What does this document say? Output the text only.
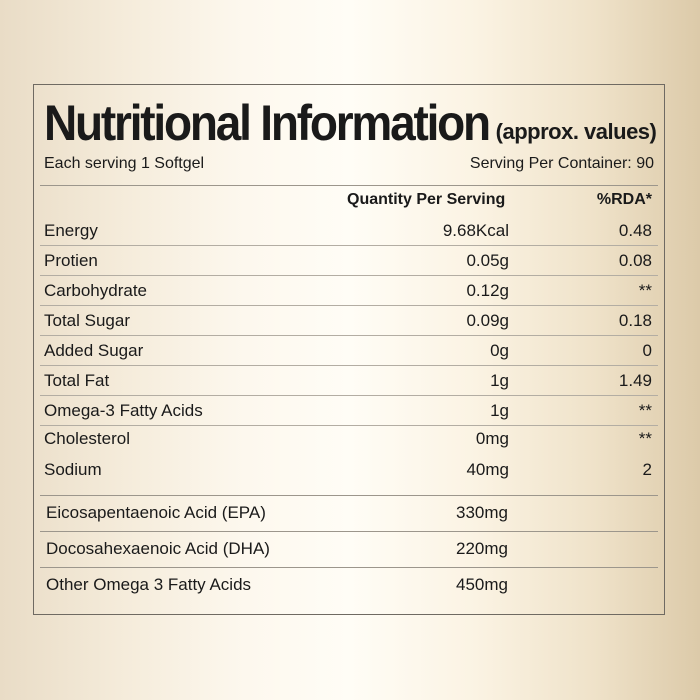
Nutritional Information (approx. values)
Each serving 1 Softgel	Serving Per Container: 90
Quantity Per Serving	%RDA*
Energy	9.68Kcal	0.48
Protien	0.05g	0.08
Carbohydrate	0.12g	**
Total Sugar	0.09g	0.18
Added Sugar	0g	0
Total Fat	1g	1.49
Omega-3 Fatty Acids	1g	**
Cholesterol	0mg	**
Sodium	40mg	2
Eicosapentaenoic Acid (EPA)	330mg
Docosahexaenoic Acid (DHA)	220mg
Other Omega 3 Fatty Acids	450mg
